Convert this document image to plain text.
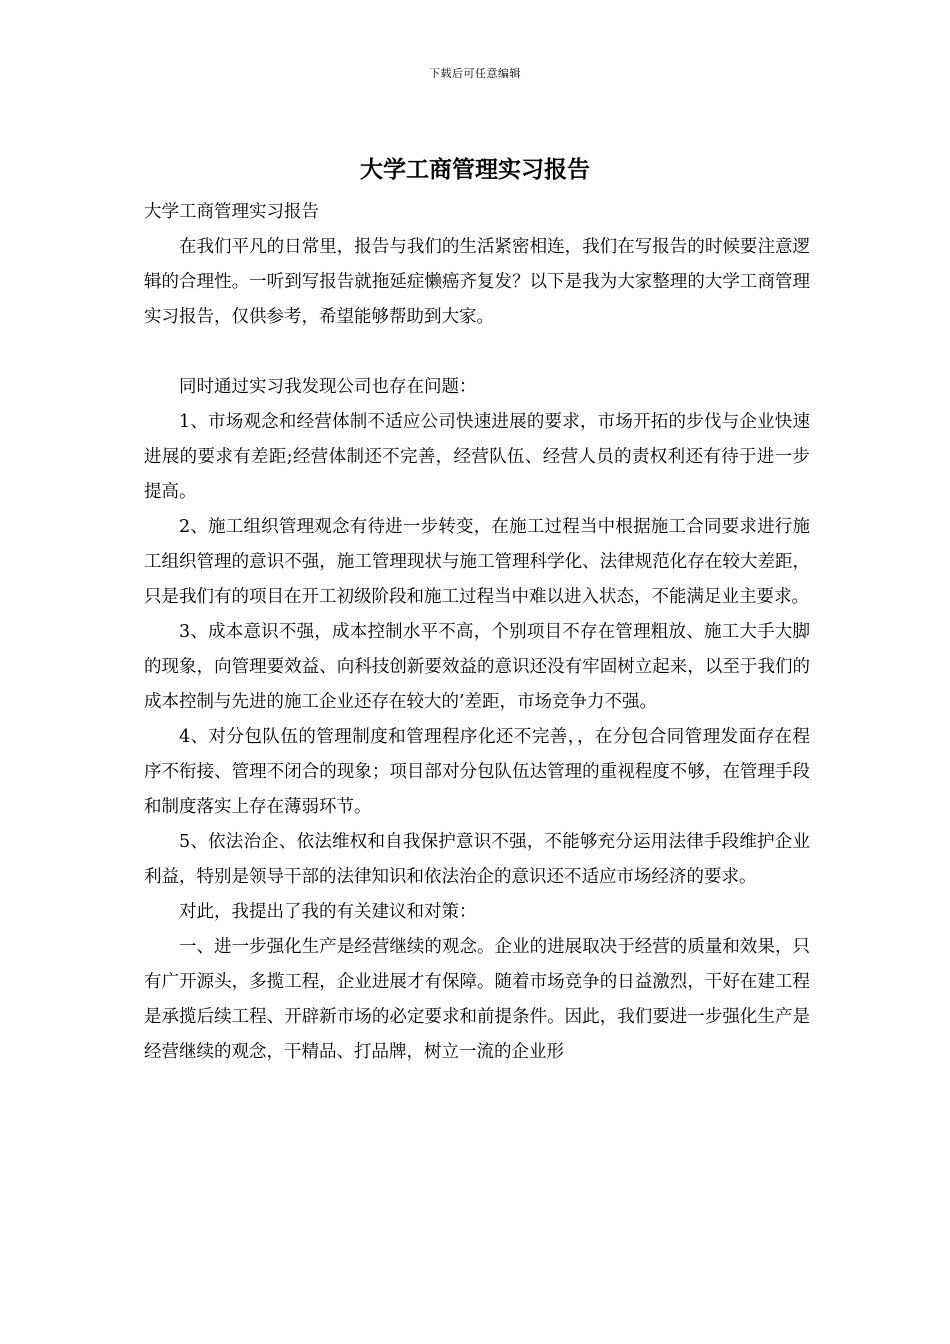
下载后可任意编辑
大学工商管理实习报告

大学工商管理实习报告

在我们平凡的日常里，报告与我们的生活紧密相连，我们在写报告的时候要注意逻辑的合理性。一听到写报告就拖延症懒癌齐复发？以下是我为大家整理的大学工商管理实习报告，仅供参考，希望能够帮助到大家。

同时通过实习我发现公司也存在问题：

1、市场观念和经营体制不适应公司快速进展的要求，市场开拓的步伐与企业快速进展的要求有差距;经营体制还不完善，经营队伍、经营人员的责权利还有待于进一步提高。

2、施工组织管理观念有待进一步转变，在施工过程当中根据施工合同要求进行施工组织管理的意识不强，施工管理现状与施工管理科学化、法律规范化存在较大差距，只是我们有的项目在开工初级阶段和施工过程当中难以进入状态，不能满足业主要求。

3、成本意识不强，成本控制水平不高，个别项目不存在管理粗放、施工大手大脚的现象，向管理要效益、向科技创新要效益的意识还没有牢固树立起来，以至于我们的成本控制与先进的施工企业还存在较大的’差距，市场竞争力不强。

4、对分包队伍的管理制度和管理程序化还不完善，，在分包合同管理发面存在程序不衔接、管理不闭合的现象；项目部对分包队伍达管理的重视程度不够，在管理手段和制度落实上存在薄弱环节。

5、依法治企、依法维权和自我保护意识不强，不能够充分运用法律手段维护企业利益，特别是领导干部的法律知识和依法治企的意识还不适应市场经济的要求。

对此，我提出了我的有关建议和对策：

一、进一步强化生产是经营继续的观念。企业的进展取决于经营的质量和效果，只有广开源头，多揽工程，企业进展才有保障。随着市场竞争的日益激烈，干好在建工程是承揽后续工程、开辟新市场的必定要求和前提条件。因此，我们要进一步强化生产是经营继续的观念，干精品、打品牌，树立一流的企业形
